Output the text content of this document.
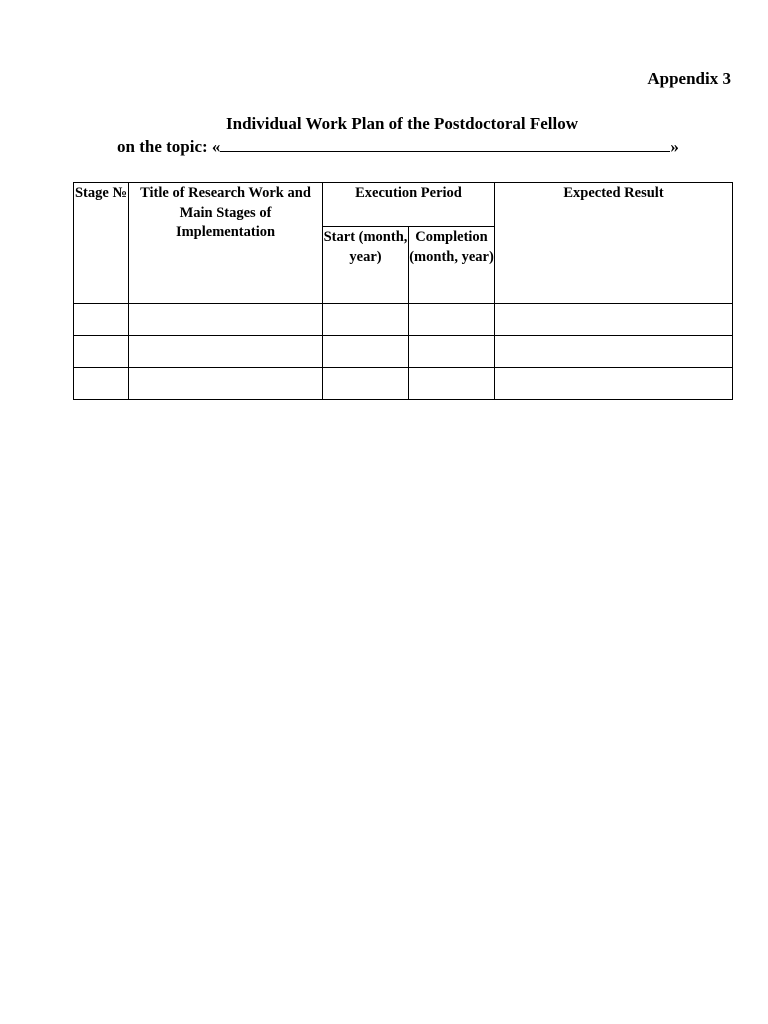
Appendix 3
Individual Work Plan of the Postdoctoral Fellow
on the topic: «	»
Stage №	Title of Research Work and Main Stages of Implementation	Execution Period		Expected Result
		Start (month, year)	Completion (month, year)	
